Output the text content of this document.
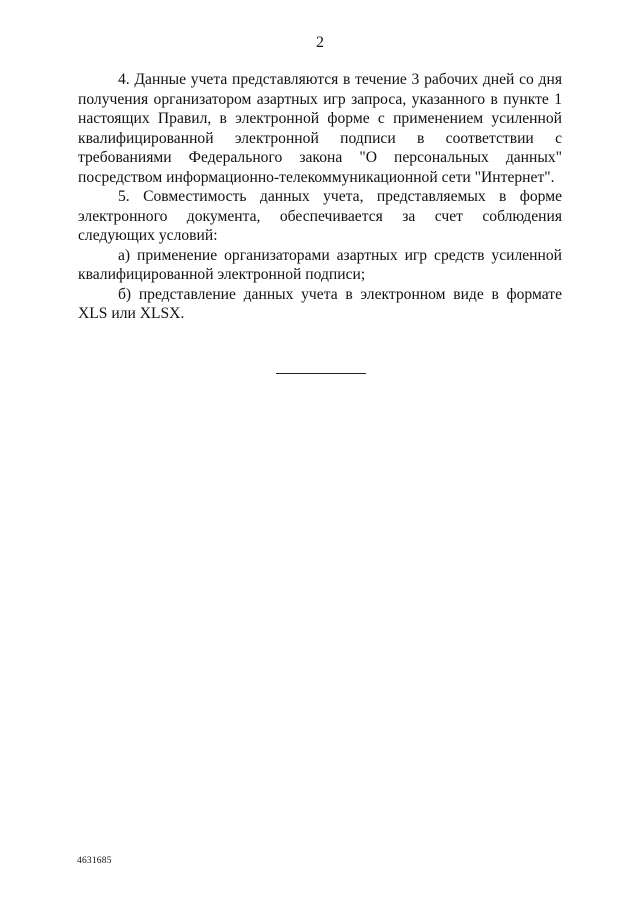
2

4. Данные учета представляются в течение 3 рабочих дней со дня получения организатором азартных игр запроса, указанного в пункте 1 настоящих Правил, в электронной форме с применением усиленной квалифицированной электронной подписи в соответствии с требованиями Федерального закона "О персональных данных" посредством информационно-телекоммуникационной сети "Интернет".

5. Совместимость данных учета, представляемых в форме электронного документа, обеспечивается за счет соблюдения следующих условий:

а) применение организаторами азартных игр средств усиленной квалифицированной электронной подписи;

б) представление данных учета в электронном виде в формате XLS или XLSX.

4631685
